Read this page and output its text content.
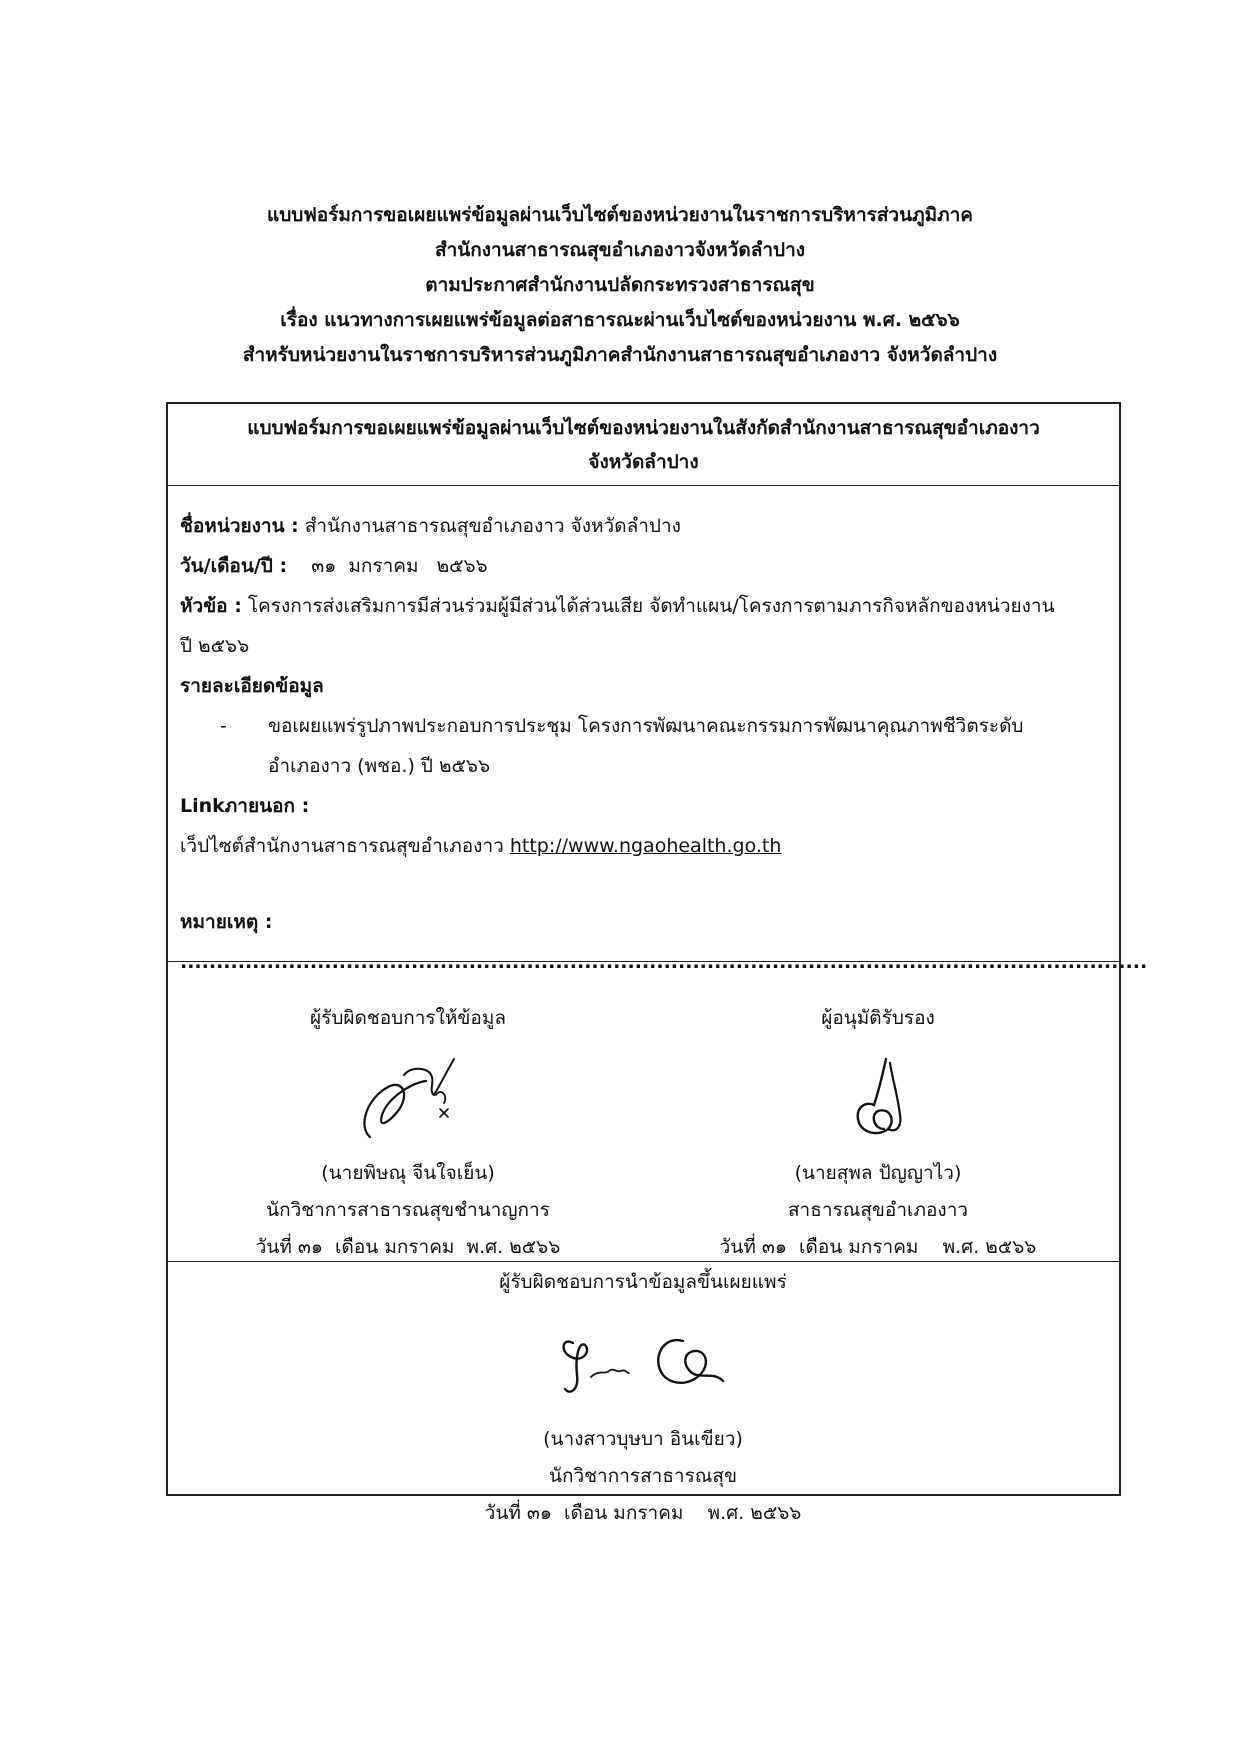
แบบฟอร์มการขอเผยแพร่ข้อมูลผ่านเว็บไซต์ของหน่วยงานในราชการบริหารส่วนภูมิภาค
สำนักงานสาธารณสุขอำเภองาวจังหวัดลำปาง
ตามประกาศสำนักงานปลัดกระทรวงสาธารณสุข
เรื่อง แนวทางการเผยแพร่ข้อมูลต่อสาธารณะผ่านเว็บไซต์ของหน่วยงาน พ.ศ. ๒๕๖๖
สำหรับหน่วยงานในราชการบริหารส่วนภูมิภาคสำนักงานสาธารณสุขอำเภองาว จังหวัดลำปาง
แบบฟอร์มการขอเผยแพร่ข้อมูลผ่านเว็บไซต์ของหน่วยงานในสังกัดสำนักงานสาธารณสุขอำเภองาว
จังหวัดลำปาง
ชื่อหน่วยงาน : สำนักงานสาธารณสุขอำเภองาว จังหวัดลำปาง
วัน/เดือน/ปี :    ๓๑  มกราคม   ๒๕๖๖
หัวข้อ : โครงการส่งเสริมการมีส่วนร่วมผู้มีส่วนได้ส่วนเสีย จัดทำแผน/โครงการตามภารกิจหลักของหน่วยงาน
ปี ๒๕๖๖
รายละเอียดข้อมูล
-	ขอเผยแพร่รูปภาพประกอบการประชุม โครงการพัฒนาคณะกรรมการพัฒนาคุณภาพชีวิตระดับ
อำเภองาว (พชอ.) ปี ๒๕๖๖
Linkภายนอก :
เว็ปไซต์สำนักงานสาธารณสุขอำเภองาว http://www.ngaohealth.go.th
หมายเหตุ : ......................................................................................................................................
ผู้รับผิดชอบการให้ข้อมูล
(นายพิษณุ จีนใจเย็น)
นักวิชาการสาธารณสุขชำนาญการ
วันที่ ๓๑  เดือน มกราคม  พ.ศ. ๒๕๖๖
ผู้อนุมัติรับรอง
(นายสุพล ปัญญาไว)
สาธารณสุขอำเภองาว
วันที่ ๓๑  เดือน มกราคม    พ.ศ. ๒๕๖๖
ผู้รับผิดชอบการนำข้อมูลขึ้นเผยแพร่
(นางสาวบุษบา อินเขียว)
นักวิชาการสาธารณสุข
วันที่ ๓๑  เดือน มกราคม    พ.ศ. ๒๕๖๖
